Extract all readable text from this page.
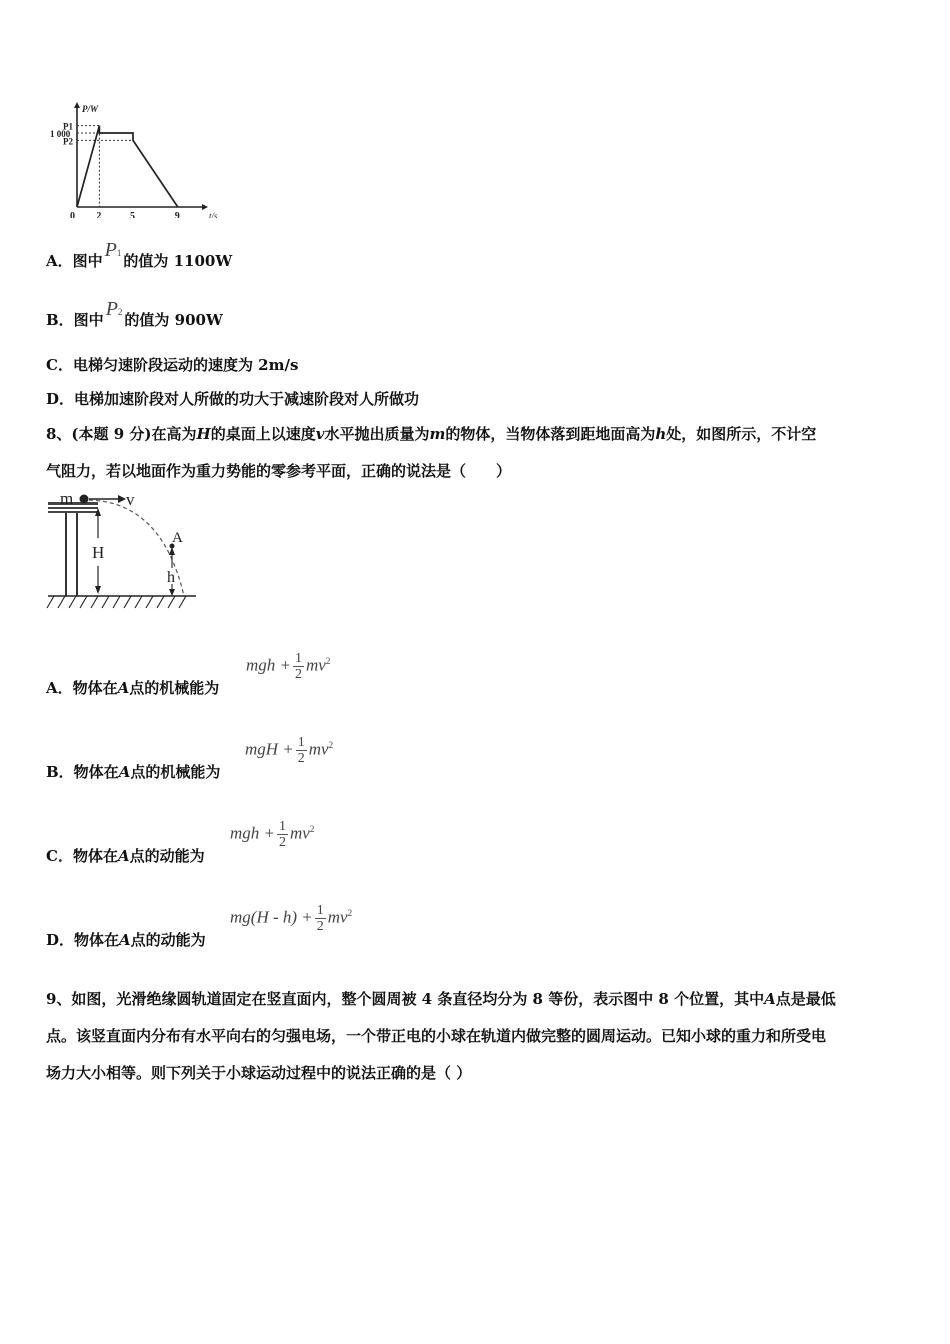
0 2	5	9
P1
1 000
P2
t/s
P/W
A．图中 P1 的值为 1100W
B．图中 P2 的值为 900W
C．电梯匀速阶段运动的速度为 2m/s
D．电梯加速阶段对人所做的功大于减速阶段对人所做功
8、(本题 9 分)在高为H的桌面上以速度v水平抛出质量为m的物体，当物体落到距地面高为h处，如图所示，不计空
气阻力，若以地面作为重力势能的零参考平面，正确的说法是（　　）
m	v
H
A
h
A．物体在A点的机械能为
mgh + $\frac{1}{2} mv^2$
B．物体在A点的机械能为
mgH + $\frac{1}{2} mv^2$
C．物体在A点的动能为
mgh + $\frac{1}{2} mv^2$
D．物体在A点的动能为
$mg(H - h) + \frac{1}{2} mv^2$
9、如图，光滑绝缘圆轨道固定在竖直面内，整个圆周被 4 条直径均分为 8 等份，表示图中 8 个位置，其中A点是最低
点。该竖直面内分布有水平向右的匀强电场，一个带正电的小球在轨道内做完整的圆周运动。已知小球的重力和所受电
场力大小相等。则下列关于小球运动过程中的说法正确的是（ ）
